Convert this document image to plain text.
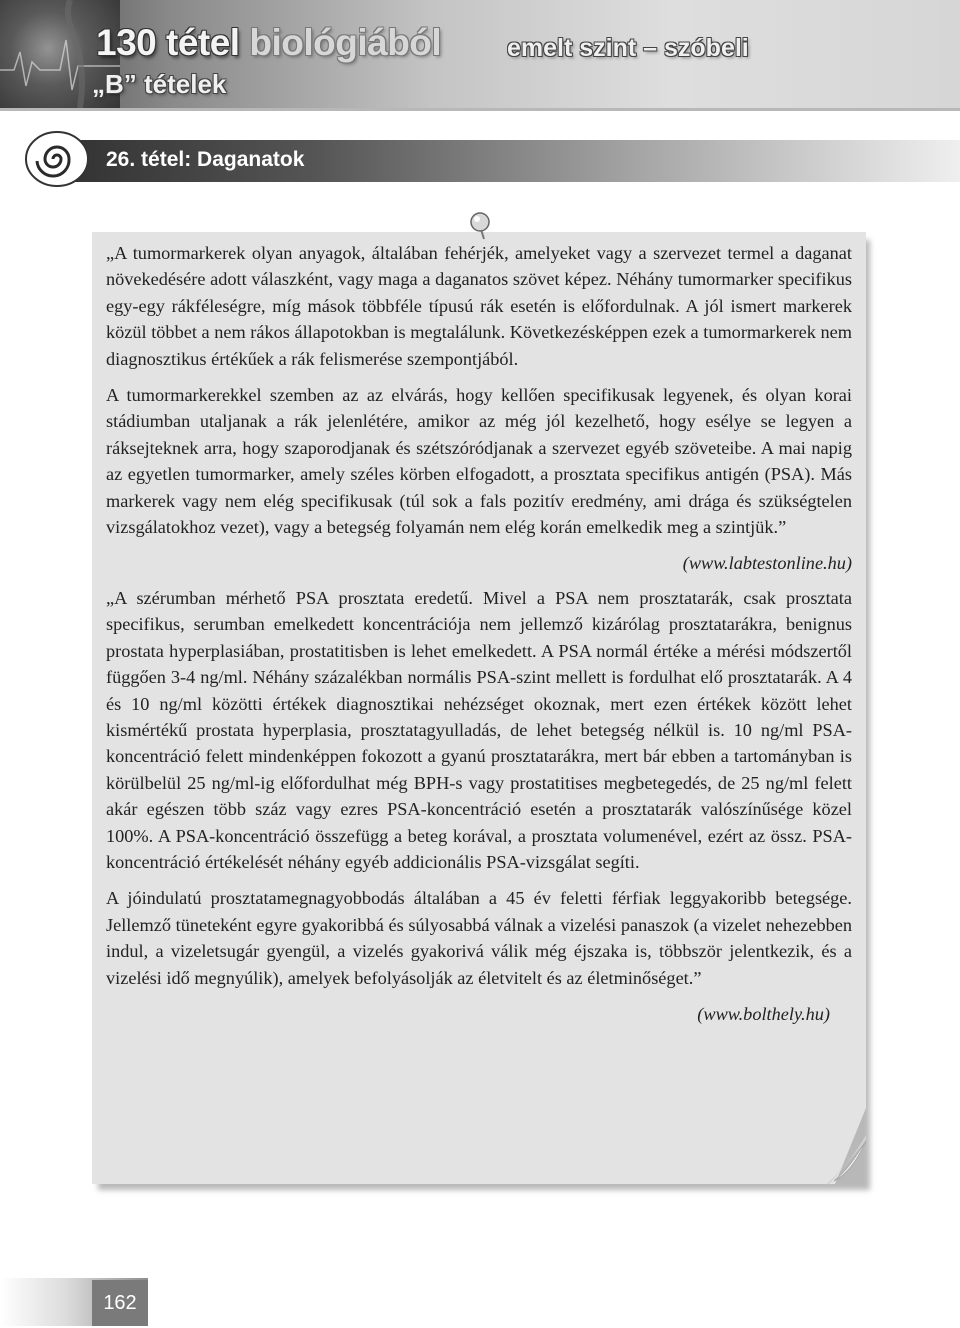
130 tétel biológiából	emelt szint – szóbeli
„B” tételek
26. tétel: Daganatok

„A tumormarkerek olyan anyagok, általában fehérjék, amelyeket vagy a szervezet termel a daganat növekedésére adott válaszként, vagy maga a daganatos szövet képez. Néhány tumormarker specifikus egy-egy rákféleségre, míg mások többféle típusú rák esetén is előfordulnak. A jól ismert markerek közül többet a nem rákos állapotokban is megtalálunk. Következésképpen ezek a tumormarkerek nem diagnosztikus értékűek a rák felismerése szempontjából.

A tumormarkerekkel szemben az az elvárás, hogy kellően specifikusak legyenek, és olyan korai stádiumban utaljanak a rák jelenlétére, amikor az még jól kezelhető, hogy esélye se legyen a ráksejteknek arra, hogy szaporodjanak és szétszóródjanak a szervezet egyéb szöveteibe. A mai napig az egyetlen tumormarker, amely széles körben elfogadott, a prosztata specifikus antigén (PSA). Más markerek vagy nem elég specifikusak (túl sok a fals pozitív eredmény, ami drága és szükségtelen vizsgálatokhoz vezet), vagy a betegség folyamán nem elég korán emelkedik meg a szintjük.”

(www.labtestonline.hu)

„A szérumban mérhető PSA prosztata eredetű. Mivel a PSA nem prosztatarák, csak prosztata specifikus, serumban emelkedett koncentrációja nem jellemző kizárólag prosztatarákra, benignus prostata hyperplasiában, prostatitisben is lehet emelkedett. A PSA normál értéke a mérési módszertől függően 3-4 ng/ml. Néhány százalékban normális PSA-szint mellett is fordulhat elő prosztatarák. A 4 és 10 ng/ml közötti értékek diagnosztikai nehézséget okoznak, mert ezen értékek között lehet kismértékű prostata hyperplasia, prosztatagyulladás, de lehet betegség nélkül is. 10 ng/ml PSA-koncentráció felett mindenképpen fokozott a gyanú prosztatarákra, mert bár ebben a tartományban is körülbelül 25 ng/ml-ig előfordulhat még BPH-s vagy prostatitises megbetegedés, de 25 ng/ml felett akár egészen több száz vagy ezres PSA-koncentráció esetén a prosztatarák valószínűsége közel 100%. A PSA-koncentráció összefügg a beteg korával, a prosztata volumenével, ezért az össz. PSA-koncentráció értékelését néhány egyéb addicionális PSA-vizsgálat segíti.

A jóindulatú prosztatamegnagyobbodás általában a 45 év feletti férfiak leggyakoribb betegsége. Jellemző tüneteként egyre gyakoribbá és súlyosabbá válnak a vizelési panaszok (a vizelet nehezebben indul, a vizeletsugár gyengül, a vizelés gyakorivá válik még éjszaka is, többször jelentkezik, és a vizelési idő megnyúlik), amelyek befolyásolják az életvitelt és az életminőséget.”

(www.bolthely.hu)

162
